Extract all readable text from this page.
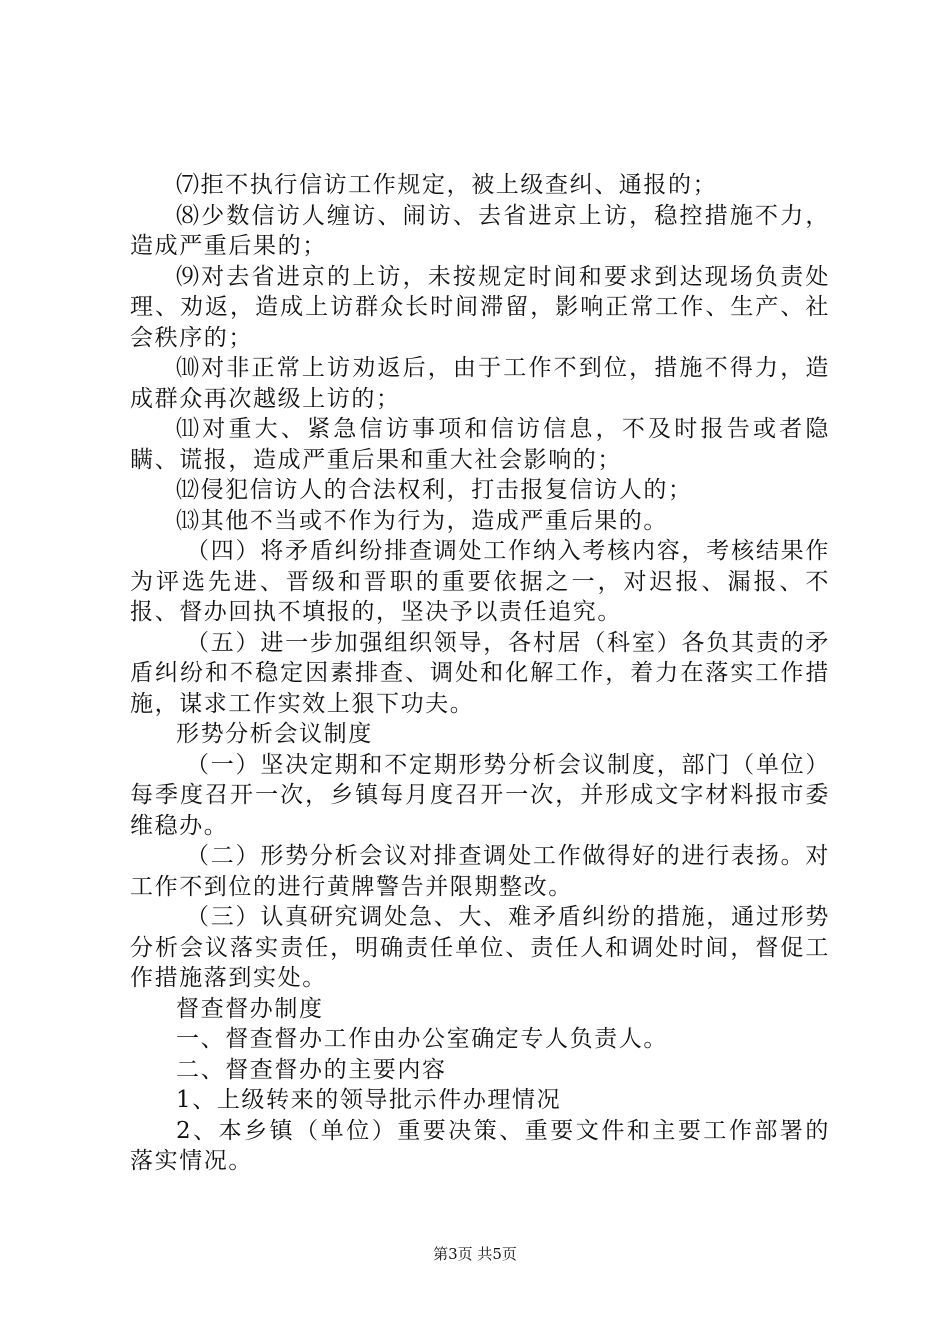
⑺拒不执行信访工作规定，被上级查纠、通报的；

⑻少数信访人缠访、闹访、去省进京上访，稳控措施不力，造成严重后果的；

⑼对去省进京的上访，未按规定时间和要求到达现场负责处理、劝返，造成上访群众长时间滞留，影响正常工作、生产、社会秩序的；

⑽对非正常上访劝返后，由于工作不到位，措施不得力，造成群众再次越级上访的；

⑾对重大、紧急信访事项和信访信息，不及时报告或者隐瞒、谎报，造成严重后果和重大社会影响的；

⑿侵犯信访人的合法权利，打击报复信访人的；

⒀其他不当或不作为行为，造成严重后果的。

（四）将矛盾纠纷排查调处工作纳入考核内容，考核结果作为评选先进、晋级和晋职的重要依据之一，对迟报、漏报、不报、督办回执不填报的，坚决予以责任追究。

（五）进一步加强组织领导，各村居（科室）各负其责的矛盾纠纷和不稳定因素排查、调处和化解工作，着力在落实工作措施，谋求工作实效上狠下功夫。

形势分析会议制度

（一）坚决定期和不定期形势分析会议制度，部门（单位）每季度召开一次，乡镇每月度召开一次，并形成文字材料报市委维稳办。

（二）形势分析会议对排查调处工作做得好的进行表扬。对工作不到位的进行黄牌警告并限期整改。

（三）认真研究调处急、大、难矛盾纠纷的措施，通过形势分析会议落实责任，明确责任单位、责任人和调处时间，督促工作措施落到实处。

督查督办制度

一、督查督办工作由办公室确定专人负责人。

二、督查督办的主要内容

1、上级转来的领导批示件办理情况

2、本乡镇（单位）重要决策、重要文件和主要工作部署的落实情况。

第3页 共5页
